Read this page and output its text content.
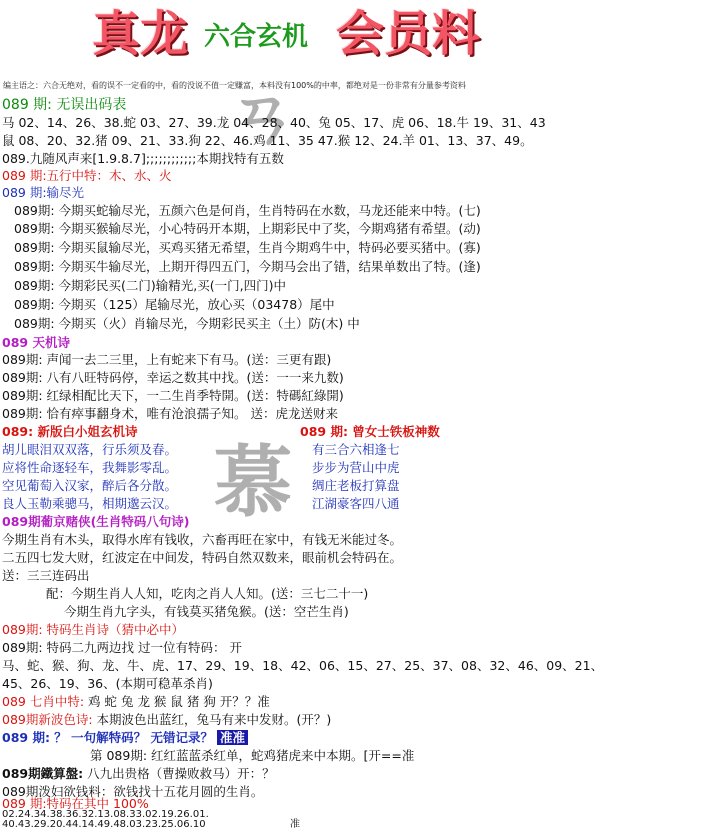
真龙 六合玄机 会员料
ㄢ
慕
编主语之：六合无绝对，看的误不一定看的中，看的没说不值一定赚富，本料没有100%的中率，都绝对是一份非常有分量参考资料
089 期: 无误出码表
马 02、14、26、38.蛇 03、27、39.龙 04、28、40、兔 05、17、虎 06、18.牛 19、31、43
鼠 08、20、32.猪 09、21、33.狗 22、46.鸡 11、35 47.猴 12、24.羊 01、13、37、49。
089.九随风声来[1.9.8.7];;;;;;;;;;;;本期找特有五数
089 期:五行中特：木、水、火
089 期:输尽光
089期: 今期买蛇输尽光，五颜六色是何肖，生肖特码在水数，马龙还能来中特。(七)
089期: 今期买猴输尽光，小心特码开本期，上期彩民中了奖，今期鸡猪有希望。(动)
089期: 今期买鼠输尽光，买鸡买猪无希望，生肖今期鸡牛中，特码必要买猪中。(寡)
089期: 今期买牛输尽光，上期开得四五门，今期马会出了错，结果单数出了特。(逢)
089期: 今期彩民买(二门)输精光,买(一门,四门)中
089期: 今期买（125）尾输尽光，放心买（03478）尾中
089期: 今期买（火）肖输尽光，今期彩民买主（土）防(木) 中
089 天机诗
089期: 声闻一去二三里，上有蛇来下有马。(送：三更有跟)
089期: 八有八旺特码停，幸运之数其中找。(送：一一来九数)
089期: 红绿相配比天下，一二生肖季特開。(送：特碼紅綠開)
089期: 恰有瘁事翻身术，唯有沧浪孺子知。 送：虎龙送财来
089: 新版白小姐玄机诗	089 期: 曾女士铁板神数
胡儿眼泪双双落，行乐须及春。
应将性命逐轻车，我舞影零乱。
空见葡萄入汉家，醉后各分散。
良人玉勒乘骢马，相期邈云汉。
有三合六相逢七
步步为营山中虎
绸庄老板打算盘
江湖豪客四八通
089期葡京赌侠(生肖特码八句诗)
今期生肖有木头，取得水库有钱收，六畜再旺在家中，有钱无米能过冬。
二五四七发大财，红波定在中间发，特码自然双数来，眼前机会特码在。
送：三三连码出
配：今期生肖人人知，吃肉之肖人人知。(送：三七二十一)
今期生肖九字头，有钱莫买猪兔猴。(送：空芒生肖)
089期: 特码生肖诗（猜中必中）
089期: 特码二九两边找 过一位有特码： 开
马、蛇、猴、狗、龙、牛、虎、17、29、19、18、42、06、15、27、25、37、08、32、46、09、21、
45、26、19、36、(本期可稳革杀肖)
089 七肖中特: 鸡 蛇 兔 龙 猴 鼠 猪 狗 开？？准
089期新波色诗: 本期波色出蓝红，兔马有来中发财。(开？)
089 期: ？ 一句解特码？ 无错记录？ 准准
第 089期: 红红蓝蓝杀红单，蛇鸡猪虎来中本期。[开==准
089期鐵算盤: 八九出贵格（曹操败救马）开：？
089期泼妇欲钱料：欲钱找十五花月圆的生肖。
089 期:特码在其中 100%
02.24.34.38.36.32.13.08.33.02.19.26.01.
40.43.29.20.44.14.49.48.03.23.25.06.10	准
